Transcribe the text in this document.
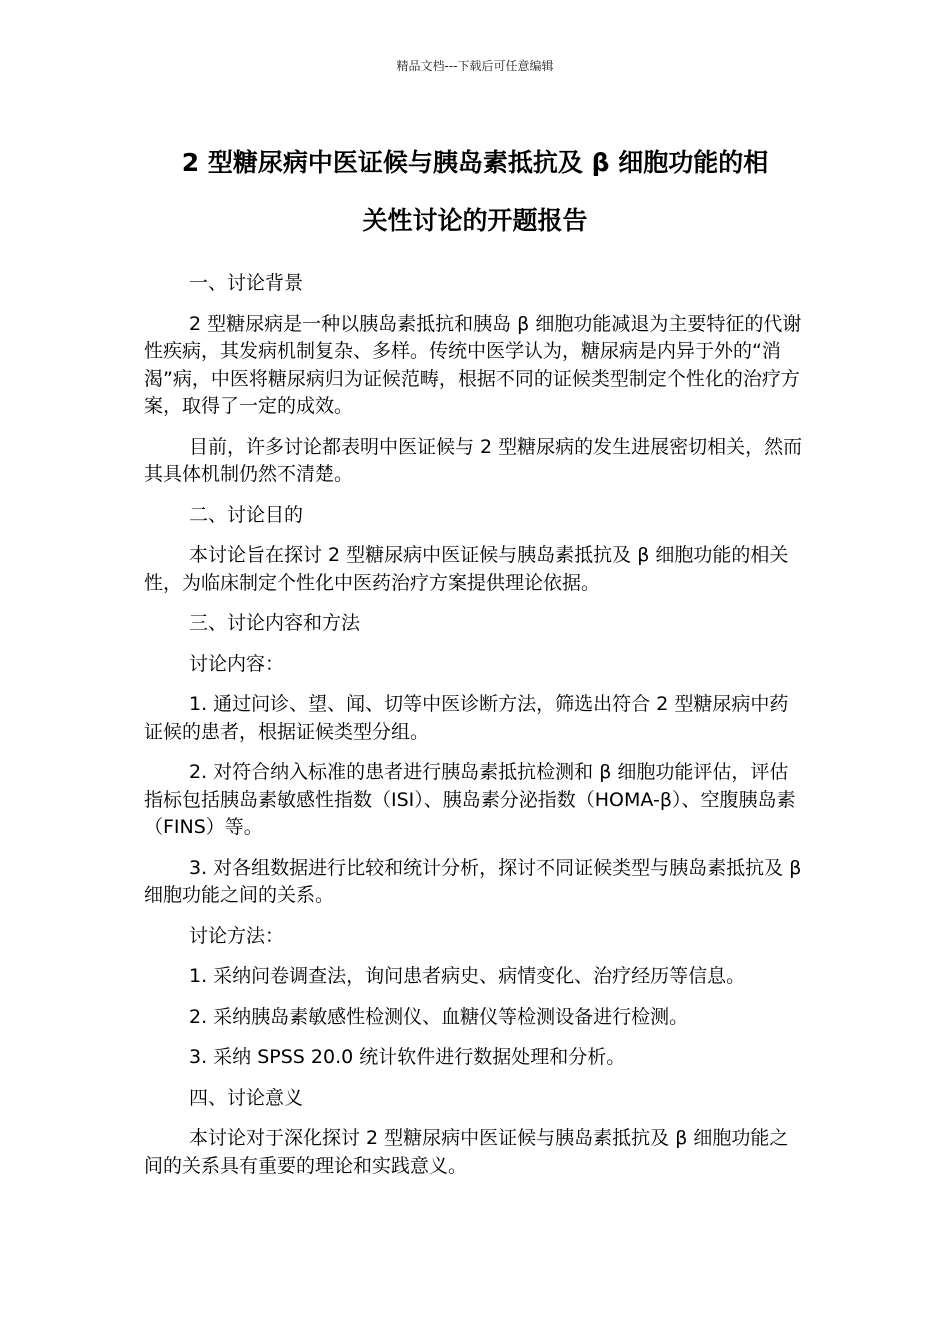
精品文档---下载后可任意编辑
2 型糖尿病中医证候与胰岛素抵抗及 β 细胞功能的相
关性讨论的开题报告

一、讨论背景

2 型糖尿病是一种以胰岛素抵抗和胰岛 β 细胞功能减退为主要特征的代谢性疾病，其发病机制复杂、多样。传统中医学认为，糖尿病是内异于外的“消渴”病，中医将糖尿病归为证候范畴，根据不同的证候类型制定个性化的治疗方案，取得了一定的成效。

目前，许多讨论都表明中医证候与 2 型糖尿病的发生进展密切相关，然而其具体机制仍然不清楚。

二、讨论目的

本讨论旨在探讨 2 型糖尿病中医证候与胰岛素抵抗及 β 细胞功能的相关性，为临床制定个性化中医药治疗方案提供理论依据。

三、讨论内容和方法

讨论内容：

1. 通过问诊、望、闻、切等中医诊断方法，筛选出符合 2 型糖尿病中药证候的患者，根据证候类型分组。

2. 对符合纳入标准的患者进行胰岛素抵抗检测和 β 细胞功能评估，评估指标包括胰岛素敏感性指数（ISI）、胰岛素分泌指数（HOMA-β）、空腹胰岛素（FINS）等。

3. 对各组数据进行比较和统计分析，探讨不同证候类型与胰岛素抵抗及 β 细胞功能之间的关系。

讨论方法：

1. 采纳问卷调查法，询问患者病史、病情变化、治疗经历等信息。

2. 采纳胰岛素敏感性检测仪、血糖仪等检测设备进行检测。

3. 采纳 SPSS 20.0 统计软件进行数据处理和分析。

四、讨论意义

本讨论对于深化探讨 2 型糖尿病中医证候与胰岛素抵抗及 β 细胞功能之间的关系具有重要的理论和实践意义。
